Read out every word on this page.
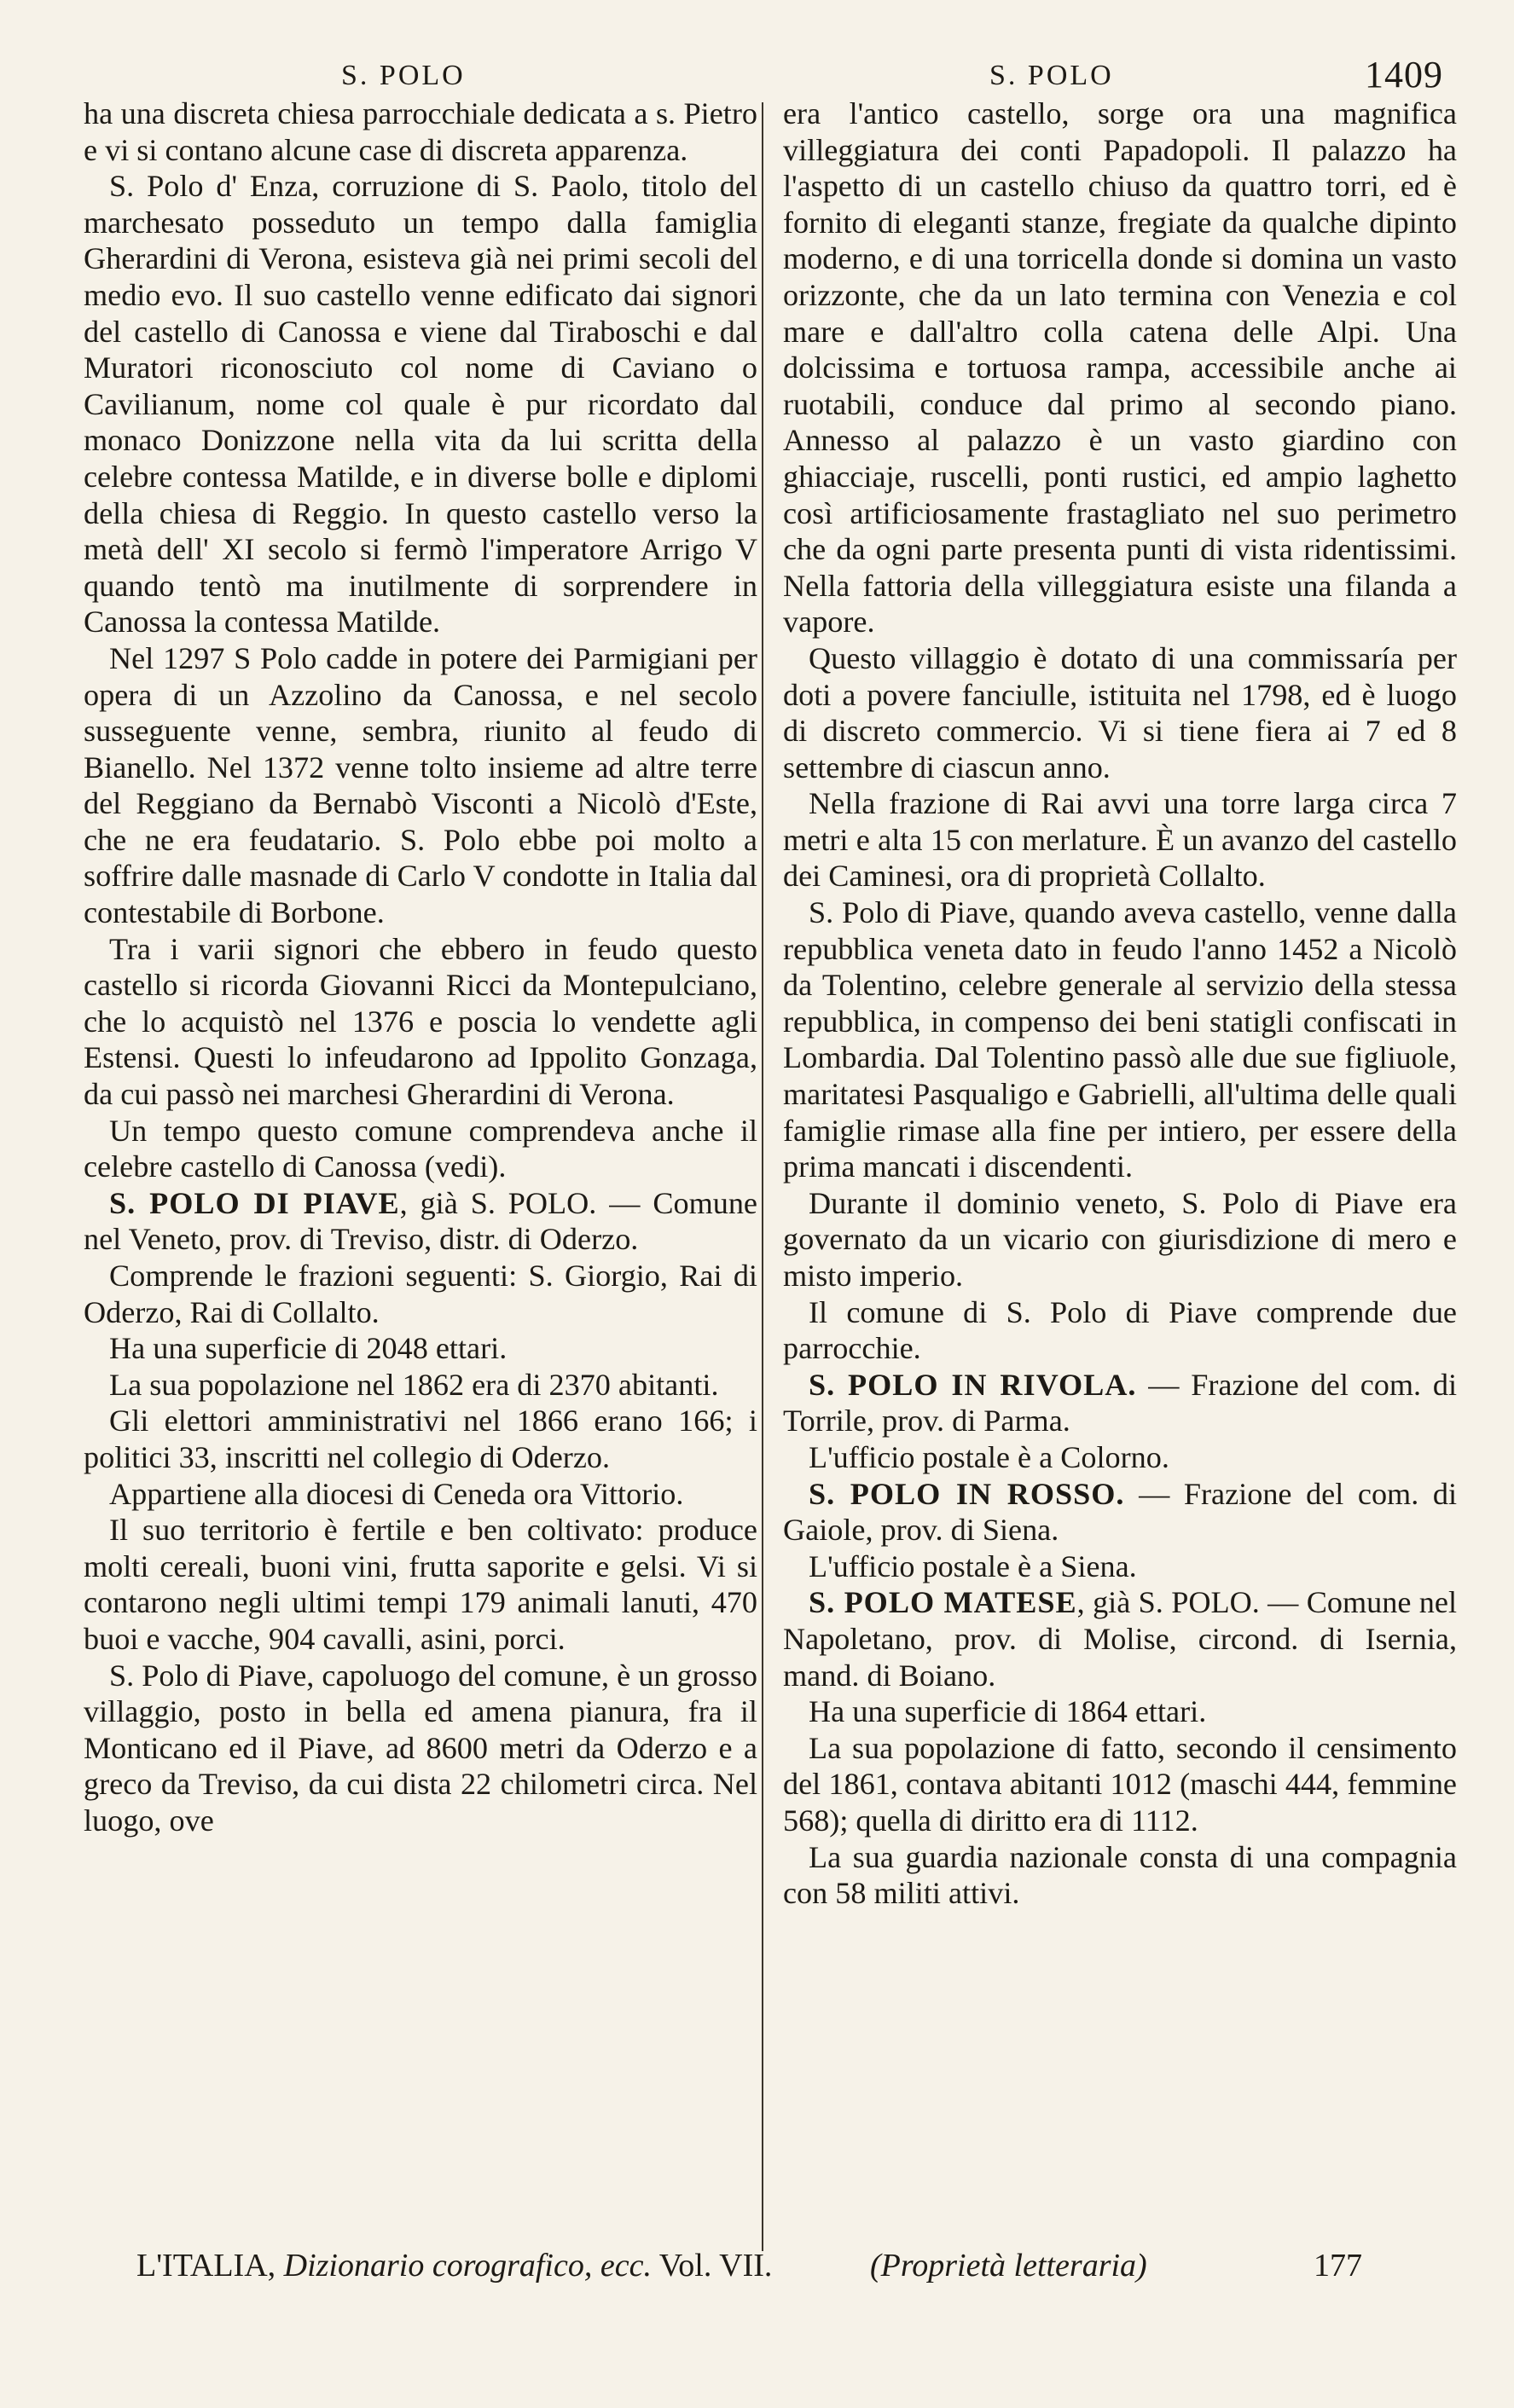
S. POLO	S. POLO	1409

ha una discreta chiesa parrocchiale dedicata a s. Pietro e vi si contano alcune case di discreta apparenza.

S. Polo d' Enza, corruzione di S. Paolo, titolo del marchesato posseduto un tempo dalla famiglia Gherardini di Verona, esisteva già nei primi secoli del medio evo. Il suo castello venne edificato dai signori del castello di Canossa e viene dal Tiraboschi e dal Muratori riconosciuto col nome di Caviano o Cavilianum, nome col quale è pur ricordato dal monaco Donizzone nella vita da lui scritta della celebre contessa Matilde, e in diverse bolle e diplomi della chiesa di Reggio. In questo castello verso la metà dell' XI secolo si fermò l'imperatore Arrigo V quando tentò ma inutilmente di sorprendere in Canossa la contessa Matilde.

Nel 1297 S Polo cadde in potere dei Parmigiani per opera di un Azzolino da Canossa, e nel secolo susseguente venne, sembra, riunito al feudo di Bianello. Nel 1372 venne tolto insieme ad altre terre del Reggiano da Bernabò Visconti a Nicolò d'Este, che ne era feudatario. S. Polo ebbe poi molto a soffrire dalle masnade di Carlo V condotte in Italia dal contestabile di Borbone.

Tra i varii signori che ebbero in feudo questo castello si ricorda Giovanni Ricci da Montepulciano, che lo acquistò nel 1376 e poscia lo vendette agli Estensi. Questi lo infeudarono ad Ippolito Gonzaga, da cui passò nei marchesi Gherardini di Verona.

Un tempo questo comune comprendeva anche il celebre castello di Canossa (vedi).

S. POLO DI PIAVE, già S. POLO. — Comune nel Veneto, prov. di Treviso, distr. di Oderzo.

Comprende le frazioni seguenti: S. Giorgio, Rai di Oderzo, Rai di Collalto.

Ha una superficie di 2048 ettari.

La sua popolazione nel 1862 era di 2370 abitanti.

Gli elettori amministrativi nel 1866 erano 166; i politici 33, inscritti nel collegio di Oderzo.

Appartiene alla diocesi di Ceneda ora Vittorio.

Il suo territorio è fertile e ben coltivato: produce molti cereali, buoni vini, frutta saporite e gelsi. Vi si contarono negli ultimi tempi 179 animali lanuti, 470 buoi e vacche, 904 cavalli, asini, porci.

S. Polo di Piave, capoluogo del comune, è un grosso villaggio, posto in bella ed amena pianura, fra il Monticano ed il Piave, ad 8600 metri da Oderzo e a greco da Treviso, da cui dista 22 chilometri circa. Nel luogo, ove

era l'antico castello, sorge ora una magnifica villeggiatura dei conti Papadopoli. Il palazzo ha l'aspetto di un castello chiuso da quattro torri, ed è fornito di eleganti stanze, fregiate da qualche dipinto moderno, e di una torricella donde si domina un vasto orizzonte, che da un lato termina con Venezia e col mare e dall'altro colla catena delle Alpi. Una dolcissima e tortuosa rampa, accessibile anche ai ruotabili, conduce dal primo al secondo piano. Annesso al palazzo è un vasto giardino con ghiacciaje, ruscelli, ponti rustici, ed ampio laghetto così artificiosamente frastagliato nel suo perimetro che da ogni parte presenta punti di vista ridentissimi. Nella fattoria della villeggiatura esiste una filanda a vapore.

Questo villaggio è dotato di una commissaría per doti a povere fanciulle, istituita nel 1798, ed è luogo di discreto commercio. Vi si tiene fiera ai 7 ed 8 settembre di ciascun anno.

Nella frazione di Rai avvi una torre larga circa 7 metri e alta 15 con merlature. È un avanzo del castello dei Caminesi, ora di proprietà Collalto.

S. Polo di Piave, quando aveva castello, venne dalla repubblica veneta dato in feudo l'anno 1452 a Nicolò da Tolentino, celebre generale al servizio della stessa repubblica, in compenso dei beni statigli confiscati in Lombardia. Dal Tolentino passò alle due sue figliuole, maritatesi Pasqualigo e Gabrielli, all'ultima delle quali famiglie rimase alla fine per intiero, per essere della prima mancati i discendenti.

Durante il dominio veneto, S. Polo di Piave era governato da un vicario con giurisdizione di mero e misto imperio.

Il comune di S. Polo di Piave comprende due parrocchie.

S. POLO IN RIVOLA. — Frazione del com. di Torrile, prov. di Parma.

L'ufficio postale è a Colorno.

S. POLO IN ROSSO. — Frazione del com. di Gaiole, prov. di Siena.

L'ufficio postale è a Siena.

S. POLO MATESE, già S. POLO. — Comune nel Napoletano, prov. di Molise, circond. di Isernia, mand. di Boiano.

Ha una superficie di 1864 ettari.

La sua popolazione di fatto, secondo il censimento del 1861, contava abitanti 1012 (maschi 444, femmine 568); quella di diritto era di 1112.

La sua guardia nazionale consta di una compagnia con 58 militi attivi.

L'ITALIA, Dizionario corografico, ecc. Vol. VII.	(Proprietà letteraria)	177
